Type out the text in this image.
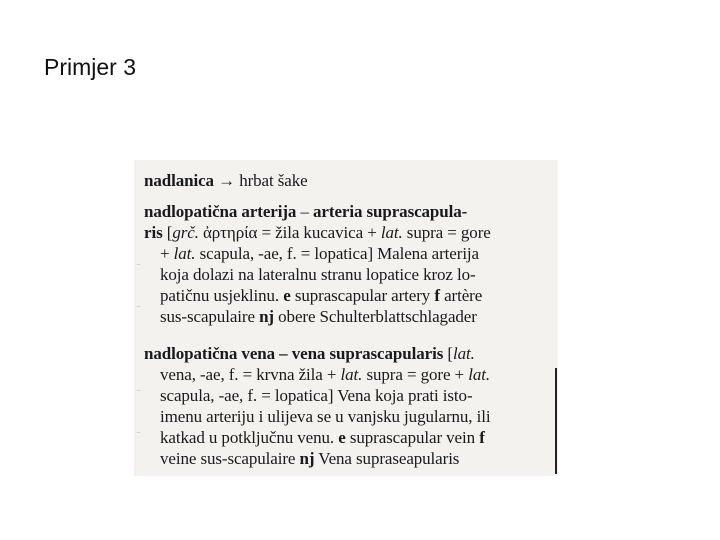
Primjer 3
-
-
-
-
nadlanica → hrbat šake
nadlopatična arterija – arteria suprascapula-
ris [grč. ἀρτηρία = žila kucavica + lat. supra = gore
+ lat. scapula, -ae, f. = lopatica] Malena arterija
koja dolazi na lateralnu stranu lopatice kroz lo-
patičnu usjeklinu. e suprascapular artery f artère
sus-scapulaire nj obere Schulterblattschlagader
nadlopatična vena – vena suprascapularis [lat.
vena, -ae, f. = krvna žila + lat. supra = gore + lat.
scapula, -ae, f. = lopatica] Vena koja prati isto-
imenu arteriju i ulijeva se u vanjsku jugularnu, ili
katkad u potključnu venu. e suprascapular vein f
veine sus-scapulaire nj Vena supraseapularis
